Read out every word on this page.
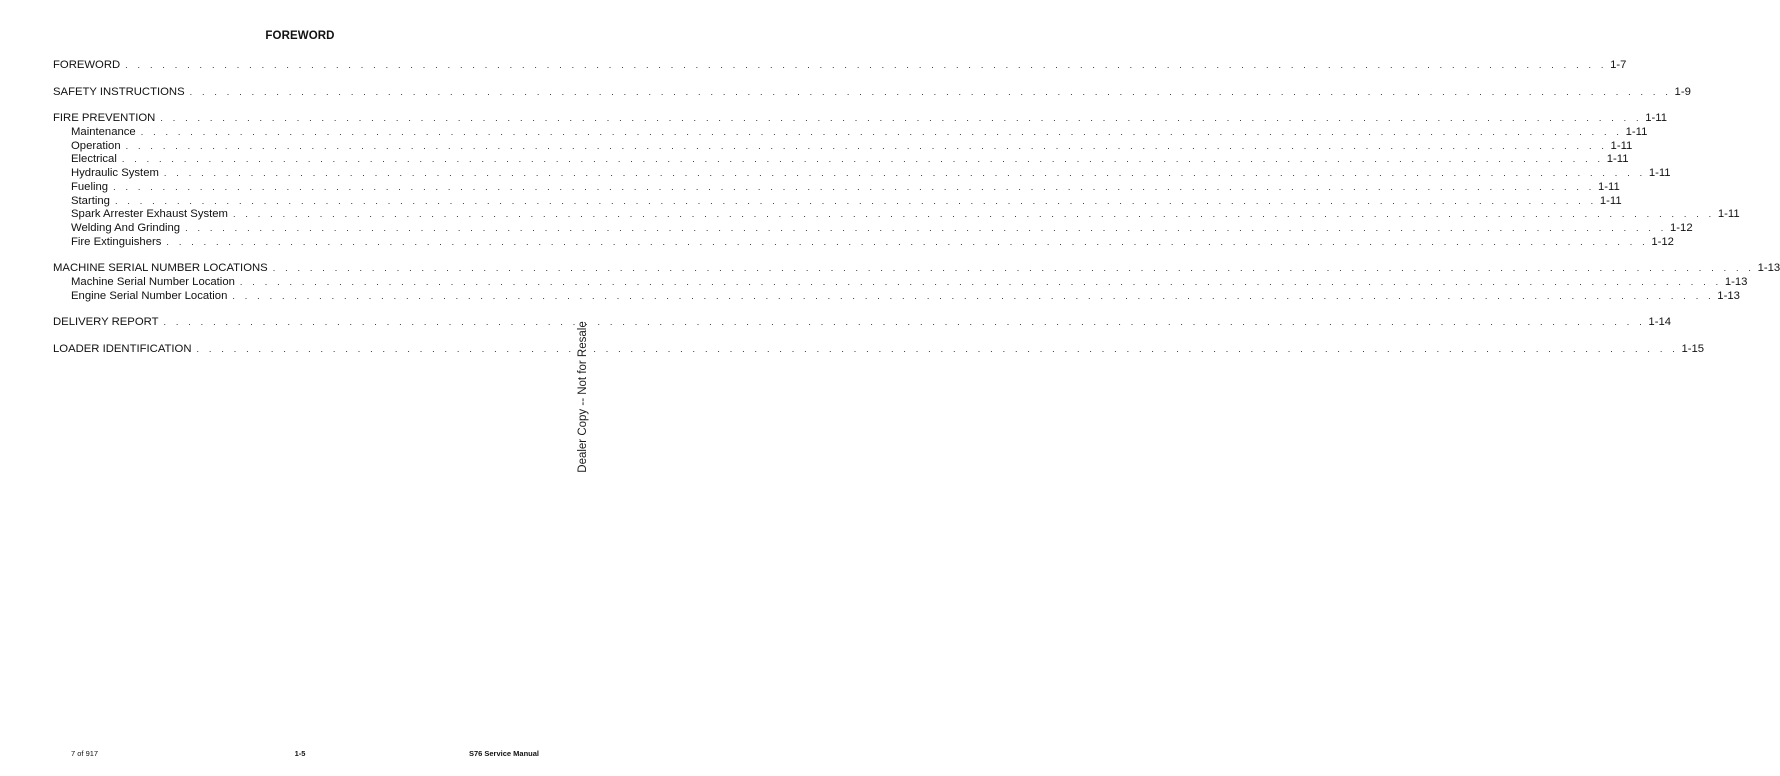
FOREWORD
FOREWORD . . . . . . . . . . . . . . . . . . . . . . . . . . . . . . . . . . . . . . . . . . . . . . . . . . . . . . . . . . . . . . . . . . . . . . . . . . . . . . . . . . . . . . . . . . . . . . . . . . . . . . . . . . . . . . . . . . . . . . . . 1-7
SAFETY INSTRUCTIONS . . . . . . . . . . . . . . . . . . . . . . . . . . . . . . . . . . . . . . . . . . . . . . . . . . . . . . . . . . . . . . . . . . . . . . . . . . . . . . . . . . . . . . . . . . . . . . . . . . . . . . . . . . . . . . . . . . . . . . . . 1-9
FIRE PREVENTION . . . . . . . . . . . . . . . . . . . . . . . . . . . . . . . . . . . . . . . . . . . . . . . . . . . . . . . . . . . . . . . . . . . . . . . . . . . . . . . . . . . . . . . . . . . . . . . . . . . . . . . . . . . . . . . . . . . . . . . . 1-11
Maintenance . . . . . . . . . . . . . . . . . . . . . . . . . . . . . . . . . . . . . . . . . . . . . . . . . . . . . . . . . . . . . . . . . . . . . . . . . . . . . . . . . . . . . . . . . . . . . . . . . . . . . . . . . . . . . . . . . . . . . . . . 1-11
Operation . . . . . . . . . . . . . . . . . . . . . . . . . . . . . . . . . . . . . . . . . . . . . . . . . . . . . . . . . . . . . . . . . . . . . . . . . . . . . . . . . . . . . . . . . . . . . . . . . . . . . . . . . . . . . . . . . . . . . . . . 1-11
Electrical . . . . . . . . . . . . . . . . . . . . . . . . . . . . . . . . . . . . . . . . . . . . . . . . . . . . . . . . . . . . . . . . . . . . . . . . . . . . . . . . . . . . . . . . . . . . . . . . . . . . . . . . . . . . . . . . . . . . . . . . 1-11
Hydraulic System . . . . . . . . . . . . . . . . . . . . . . . . . . . . . . . . . . . . . . . . . . . . . . . . . . . . . . . . . . . . . . . . . . . . . . . . . . . . . . . . . . . . . . . . . . . . . . . . . . . . . . . . . . . . . . . . . . . . . . . . 1-11
Fueling . . . . . . . . . . . . . . . . . . . . . . . . . . . . . . . . . . . . . . . . . . . . . . . . . . . . . . . . . . . . . . . . . . . . . . . . . . . . . . . . . . . . . . . . . . . . . . . . . . . . . . . . . . . . . . . . . . . . . . . . 1-11
Starting . . . . . . . . . . . . . . . . . . . . . . . . . . . . . . . . . . . . . . . . . . . . . . . . . . . . . . . . . . . . . . . . . . . . . . . . . . . . . . . . . . . . . . . . . . . . . . . . . . . . . . . . . . . . . . . . . . . . . . . . 1-11
Spark Arrester Exhaust System . . . . . . . . . . . . . . . . . . . . . . . . . . . . . . . . . . . . . . . . . . . . . . . . . . . . . . . . . . . . . . . . . . . . . . . . . . . . . . . . . . . . . . . . . . . . . . . . . . . . . . . . . . . . . . . . . . . . . . . . 1-11
Welding And Grinding . . . . . . . . . . . . . . . . . . . . . . . . . . . . . . . . . . . . . . . . . . . . . . . . . . . . . . . . . . . . . . . . . . . . . . . . . . . . . . . . . . . . . . . . . . . . . . . . . . . . . . . . . . . . . . . . . . . . . . . . 1-12
Fire Extinguishers . . . . . . . . . . . . . . . . . . . . . . . . . . . . . . . . . . . . . . . . . . . . . . . . . . . . . . . . . . . . . . . . . . . . . . . . . . . . . . . . . . . . . . . . . . . . . . . . . . . . . . . . . . . . . . . . . . . . . . . . 1-12
MACHINE SERIAL NUMBER LOCATIONS . . . . . . . . . . . . . . . . . . . . . . . . . . . . . . . . . . . . . . . . . . . . . . . . . . . . . . . . . . . . . . . . . . . . . . . . . . . . . . . . . . . . . . . . . . . . . . . . . . . . . . . . . . . . . . . . . . . . . . . . 1-13
Machine Serial Number Location . . . . . . . . . . . . . . . . . . . . . . . . . . . . . . . . . . . . . . . . . . . . . . . . . . . . . . . . . . . . . . . . . . . . . . . . . . . . . . . . . . . . . . . . . . . . . . . . . . . . . . . . . . . . . . . . . . . . . . . . 1-13
Engine Serial Number Location . . . . . . . . . . . . . . . . . . . . . . . . . . . . . . . . . . . . . . . . . . . . . . . . . . . . . . . . . . . . . . . . . . . . . . . . . . . . . . . . . . . . . . . . . . . . . . . . . . . . . . . . . . . . . . . . . . . . . . . . 1-13
DELIVERY REPORT . . . . . . . . . . . . . . . . . . . . . . . . . . . . . . . . . . . . . . . . . . . . . . . . . . . . . . . . . . . . . . . . . . . . . . . . . . . . . . . . . . . . . . . . . . . . . . . . . . . . . . . . . . . . . . . . . . . . . . . . 1-14
LOADER IDENTIFICATION . . . . . . . . . . . . . . . . . . . . . . . . . . . . . . . . . . . . . . . . . . . . . . . . . . . . . . . . . . . . . . . . . . . . . . . . . . . . . . . . . . . . . . . . . . . . . . . . . . . . . . . . . . . . . . . . . . . . . . . . 1-15
Dealer Copy -- Not for Resale
7 of 917	1-5	S76 Service Manual
